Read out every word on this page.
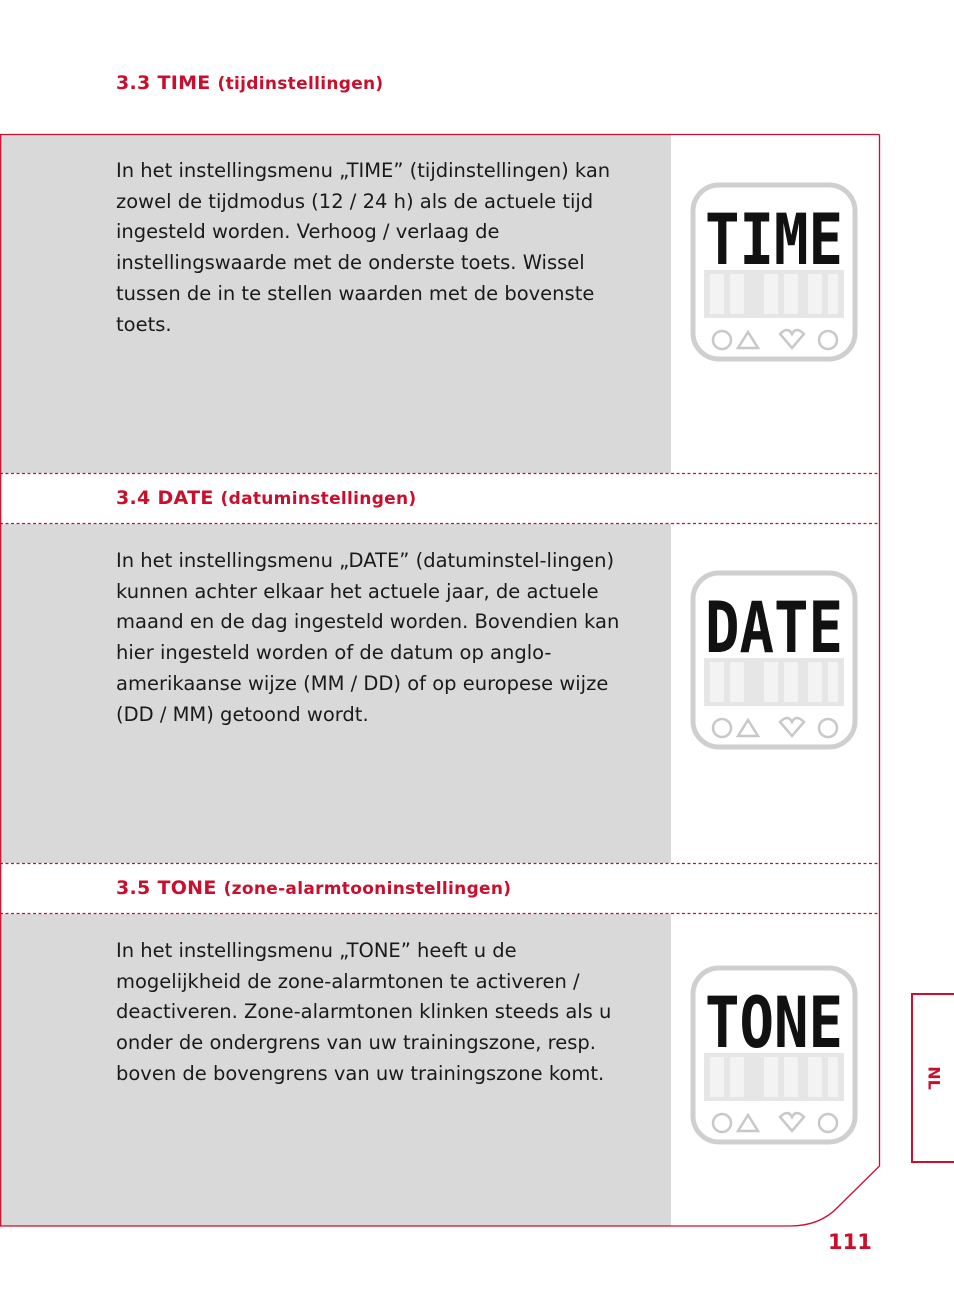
3.3 TIME (tijdinstellingen)
In het instellingsmenu „TIME” (tijdinstellingen) kan zowel de tijdmodus (12 / 24 h) als de actuele tijd ingesteld worden. Verhoog / verlaag de instellingswaarde met de onderste toets. Wissel tussen de in te stellen waarden met de bovenste toets.
3.4 DATE (datuminstellingen)
In het instellingsmenu „DATE” (datuminstel-lingen) kunnen achter elkaar het actuele jaar, de actuele maand en de dag ingesteld worden. Bovendien kan hier ingesteld worden of de datum op anglo-amerikaanse wijze (MM / DD) of op europese wijze (DD / MM) getoond wordt.
3.5 TONE (zone-alarmtooninstellingen)
In het instellingsmenu „TONE” heeft u de mogelijkheid de zone-alarmtonen te activeren / deactiveren. Zone-alarmtonen klinken steeds als u onder de ondergrens van uw trainingszone, resp. boven de bovengrens van uw trainingszone komt.
TIME
DATE
TONE
NL
111
